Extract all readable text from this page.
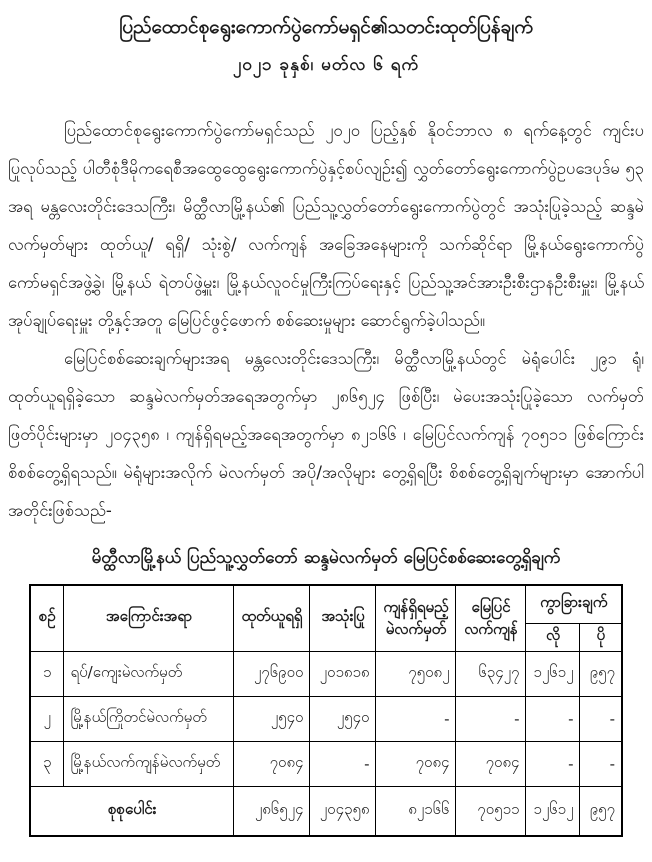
ပြည်ထောင်စုရွေးကောက်ပွဲကော်မရှင်၏သတင်းထုတ်ပြန်ချက်
၂၀၂၁ ခုနှစ်၊ မတ်လ ၆ ရက်

ပြည်ထောင်စုရွေးကောက်ပွဲကော်မရှင်သည် ၂၀၂၀ ပြည့်နှစ် နိုဝင်ဘာလ ၈ ရက်နေ့တွင် ကျင်းပပြုလုပ်သည့် ပါတီစုံဒီမိုကရေစီအထွေထွေရွေးကောက်ပွဲနှင့်စပ်လျဉ်း၍ လွှတ်တော်ရွေးကောက်ပွဲဥပဒေပုဒ်မ ၅၃ အရ မန္တလေးတိုင်းဒေသကြီး၊ မိတ္ထီလာမြို့နယ်၏ ပြည်သူ့လွှတ်တော်ရွေးကောက်ပွဲတွင် အသုံးပြုခဲ့သည့် ဆန္ဒမဲလက်မှတ်များ ထုတ်ယူ/ ရရှိ/ သုံးစွဲ/ လက်ကျန် အခြေအနေများကို သက်ဆိုင်ရာ မြို့နယ်ရွေးကောက်ပွဲကော်မရှင်အဖွဲ့ခွဲ၊ မြို့နယ် ရဲတပ်ဖွဲ့မှူး၊ မြို့နယ်လူဝင်မှုကြီးကြပ်ရေးနှင့် ပြည်သူ့အင်အားဦးစီးဌာနဦးစီးမှူး၊ မြို့နယ် အုပ်ချုပ်ရေးမှူး တို့နှင့်အတူ မြေပြင်ဖွင့်ဖောက် စစ်ဆေးမှုများ ဆောင်ရွက်ခဲ့ပါသည်။

မြေပြင်စစ်ဆေးချက်များအရ မန္တလေးတိုင်းဒေသကြီး၊ မိတ္ထီလာမြို့နယ်တွင် မဲရုံပေါင်း ၂၉၁ ရုံ၊ ထုတ်ယူရရှိခဲ့သော ဆန္ဒမဲလက်မှတ်အရေအတွက်မှာ ၂၈၆၅၂၄ ဖြစ်ပြီး၊ မဲပေးအသုံးပြုခဲ့သော လက်မှတ်ဖြတ်ပိုင်းများမှာ ၂၀၄၃၅၈ ၊ ကျန်ရှိရမည့်အရေအတွက်မှာ ၈၂၁၆၆ ၊ မြေပြင်လက်ကျန် ၇၀၅၁၁ ဖြစ်ကြောင်း စိစစ်တွေ့ရှိရသည်။ မဲရုံများအလိုက် မဲလက်မှတ် အပို/အလိုများ တွေ့ရှိရပြီး စိစစ်တွေ့ရှိချက်များမှာ အောက်ပါအတိုင်းဖြစ်သည်-

မိတ္ထီလာမြို့နယ် ပြည်သူ့လွှတ်တော် ဆန္ဒမဲလက်မှတ် မြေပြင်စစ်ဆေးတွေ့ရှိချက်
စဉ်	အကြောင်းအရာ	ထုတ်ယူရရှိ	အသုံးပြု	ကျန်ရှိရမည့်
မဲလက်မှတ်	မြေပြင်
လက်ကျန်	ကွာခြားချက်	
						လို	ပို
၁	ရပ်/ကျေးမဲလက်မှတ်	၂၇၆၉၀၀	၂၀၁၈၁၈	၇၅၀၈၂	၆၃၄၂၇	၁၂၆၁၂	၉၅၇
၂	မြို့နယ်ကြိုတင်မဲလက်မှတ်	၂၅၄၀	၂၅၄၀	-	-	-	-
၃	မြို့နယ်လက်ကျန်မဲလက်မှတ်	၇၀၈၄	-	၇၀၈၄	၇၀၈၄	-	-
စုစုပေါင်း		၂၈၆၅၂၄	၂၀၄၃၅၈	၈၂၁၆၆	၇၀၅၁၁	၁၂၆၁၂	၉၅၇
